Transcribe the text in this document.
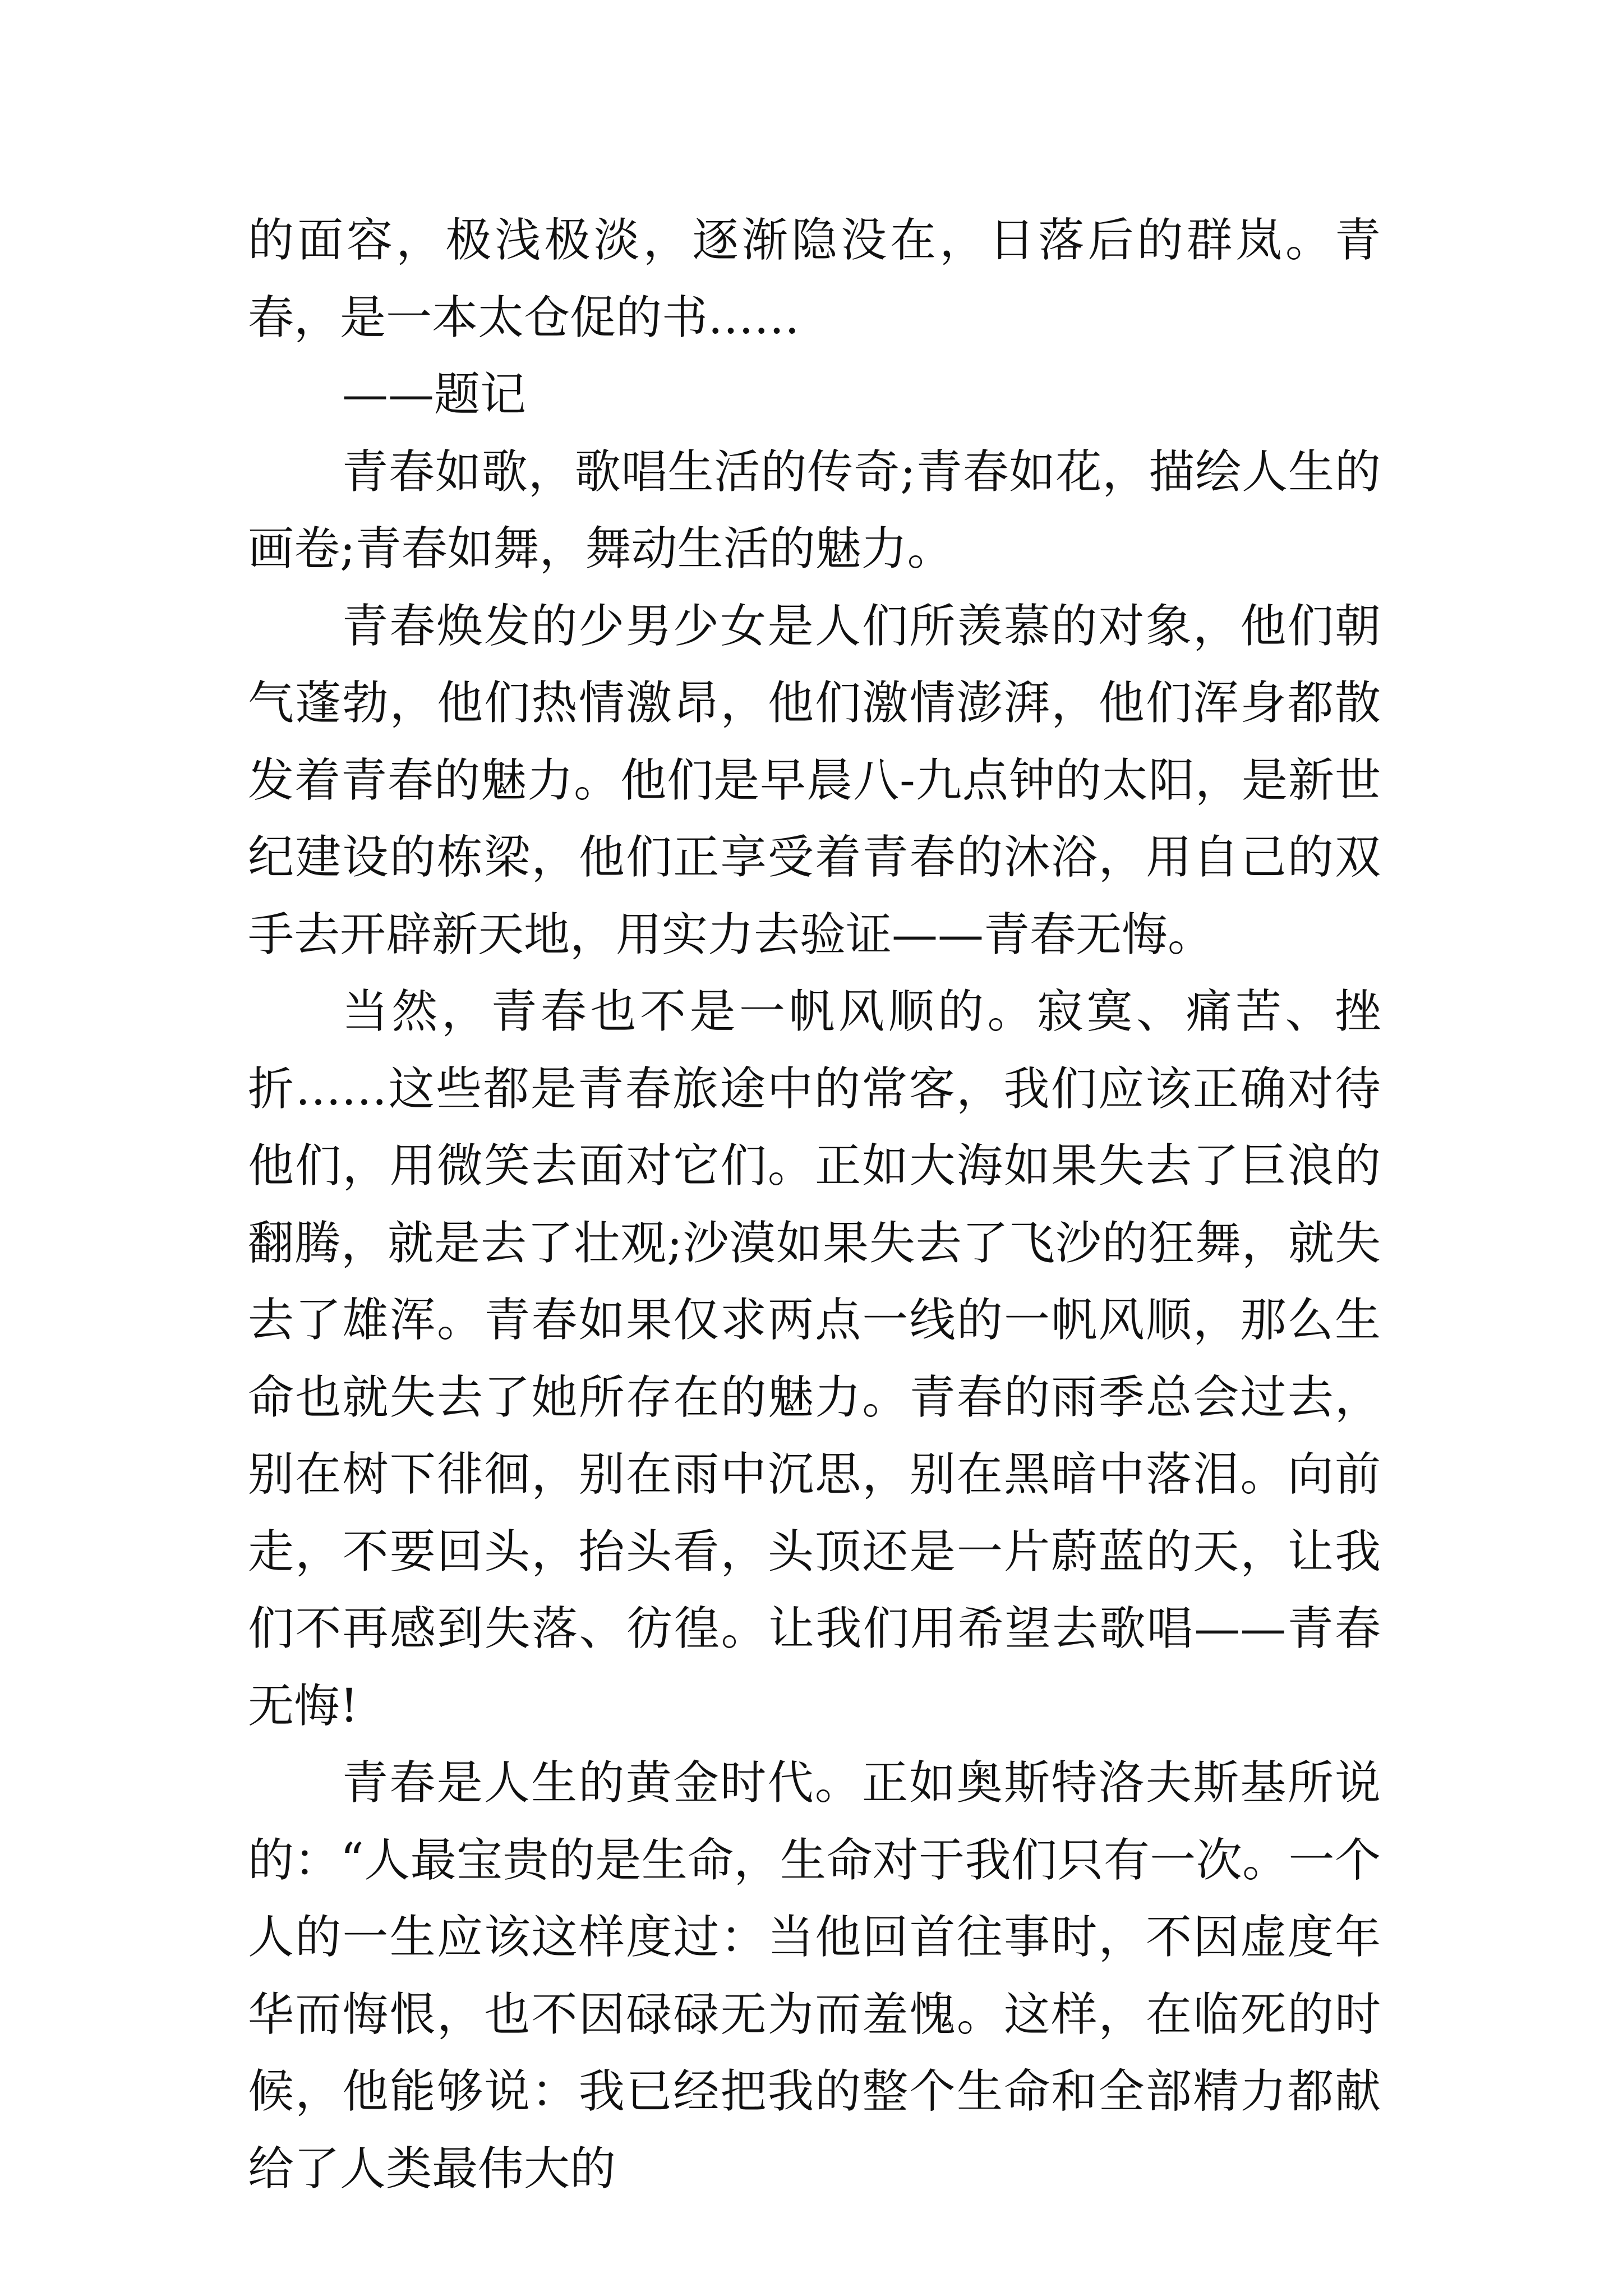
的面容，极浅极淡，逐渐隐没在，日落后的群岚。青春，是一本太仓促的书……

——题记

青春如歌，歌唱生活的传奇;青春如花，描绘人生的画卷;青春如舞，舞动生活的魅力。

青春焕发的少男少女是人们所羡慕的对象，他们朝气蓬勃，他们热情激昂，他们激情澎湃，他们浑身都散发着青春的魅力。他们是早晨八-九点钟的太阳，是新世纪建设的栋梁，他们正享受着青春的沐浴，用自己的双手去开辟新天地，用实力去验证——青春无悔。

当然，青春也不是一帆风顺的。寂寞、痛苦、挫折……这些都是青春旅途中的常客，我们应该正确对待他们，用微笑去面对它们。正如大海如果失去了巨浪的翻腾，就是去了壮观;沙漠如果失去了飞沙的狂舞，就失去了雄浑。青春如果仅求两点一线的一帆风顺，那么生命也就失去了她所存在的魅力。青春的雨季总会过去，别在树下徘徊，别在雨中沉思，别在黑暗中落泪。向前走，不要回头，抬头看，头顶还是一片蔚蓝的天，让我们不再感到失落、彷徨。让我们用希望去歌唱——青春无悔!

青春是人生的黄金时代。正如奥斯特洛夫斯基所说的：“人最宝贵的是生命，生命对于我们只有一次。一个人的一生应该这样度过：当他回首往事时，不因虚度年华而悔恨，也不因碌碌无为而羞愧。这样，在临死的时候，他能够说：我已经把我的整个生命和全部精力都献给了人类最伟大的
